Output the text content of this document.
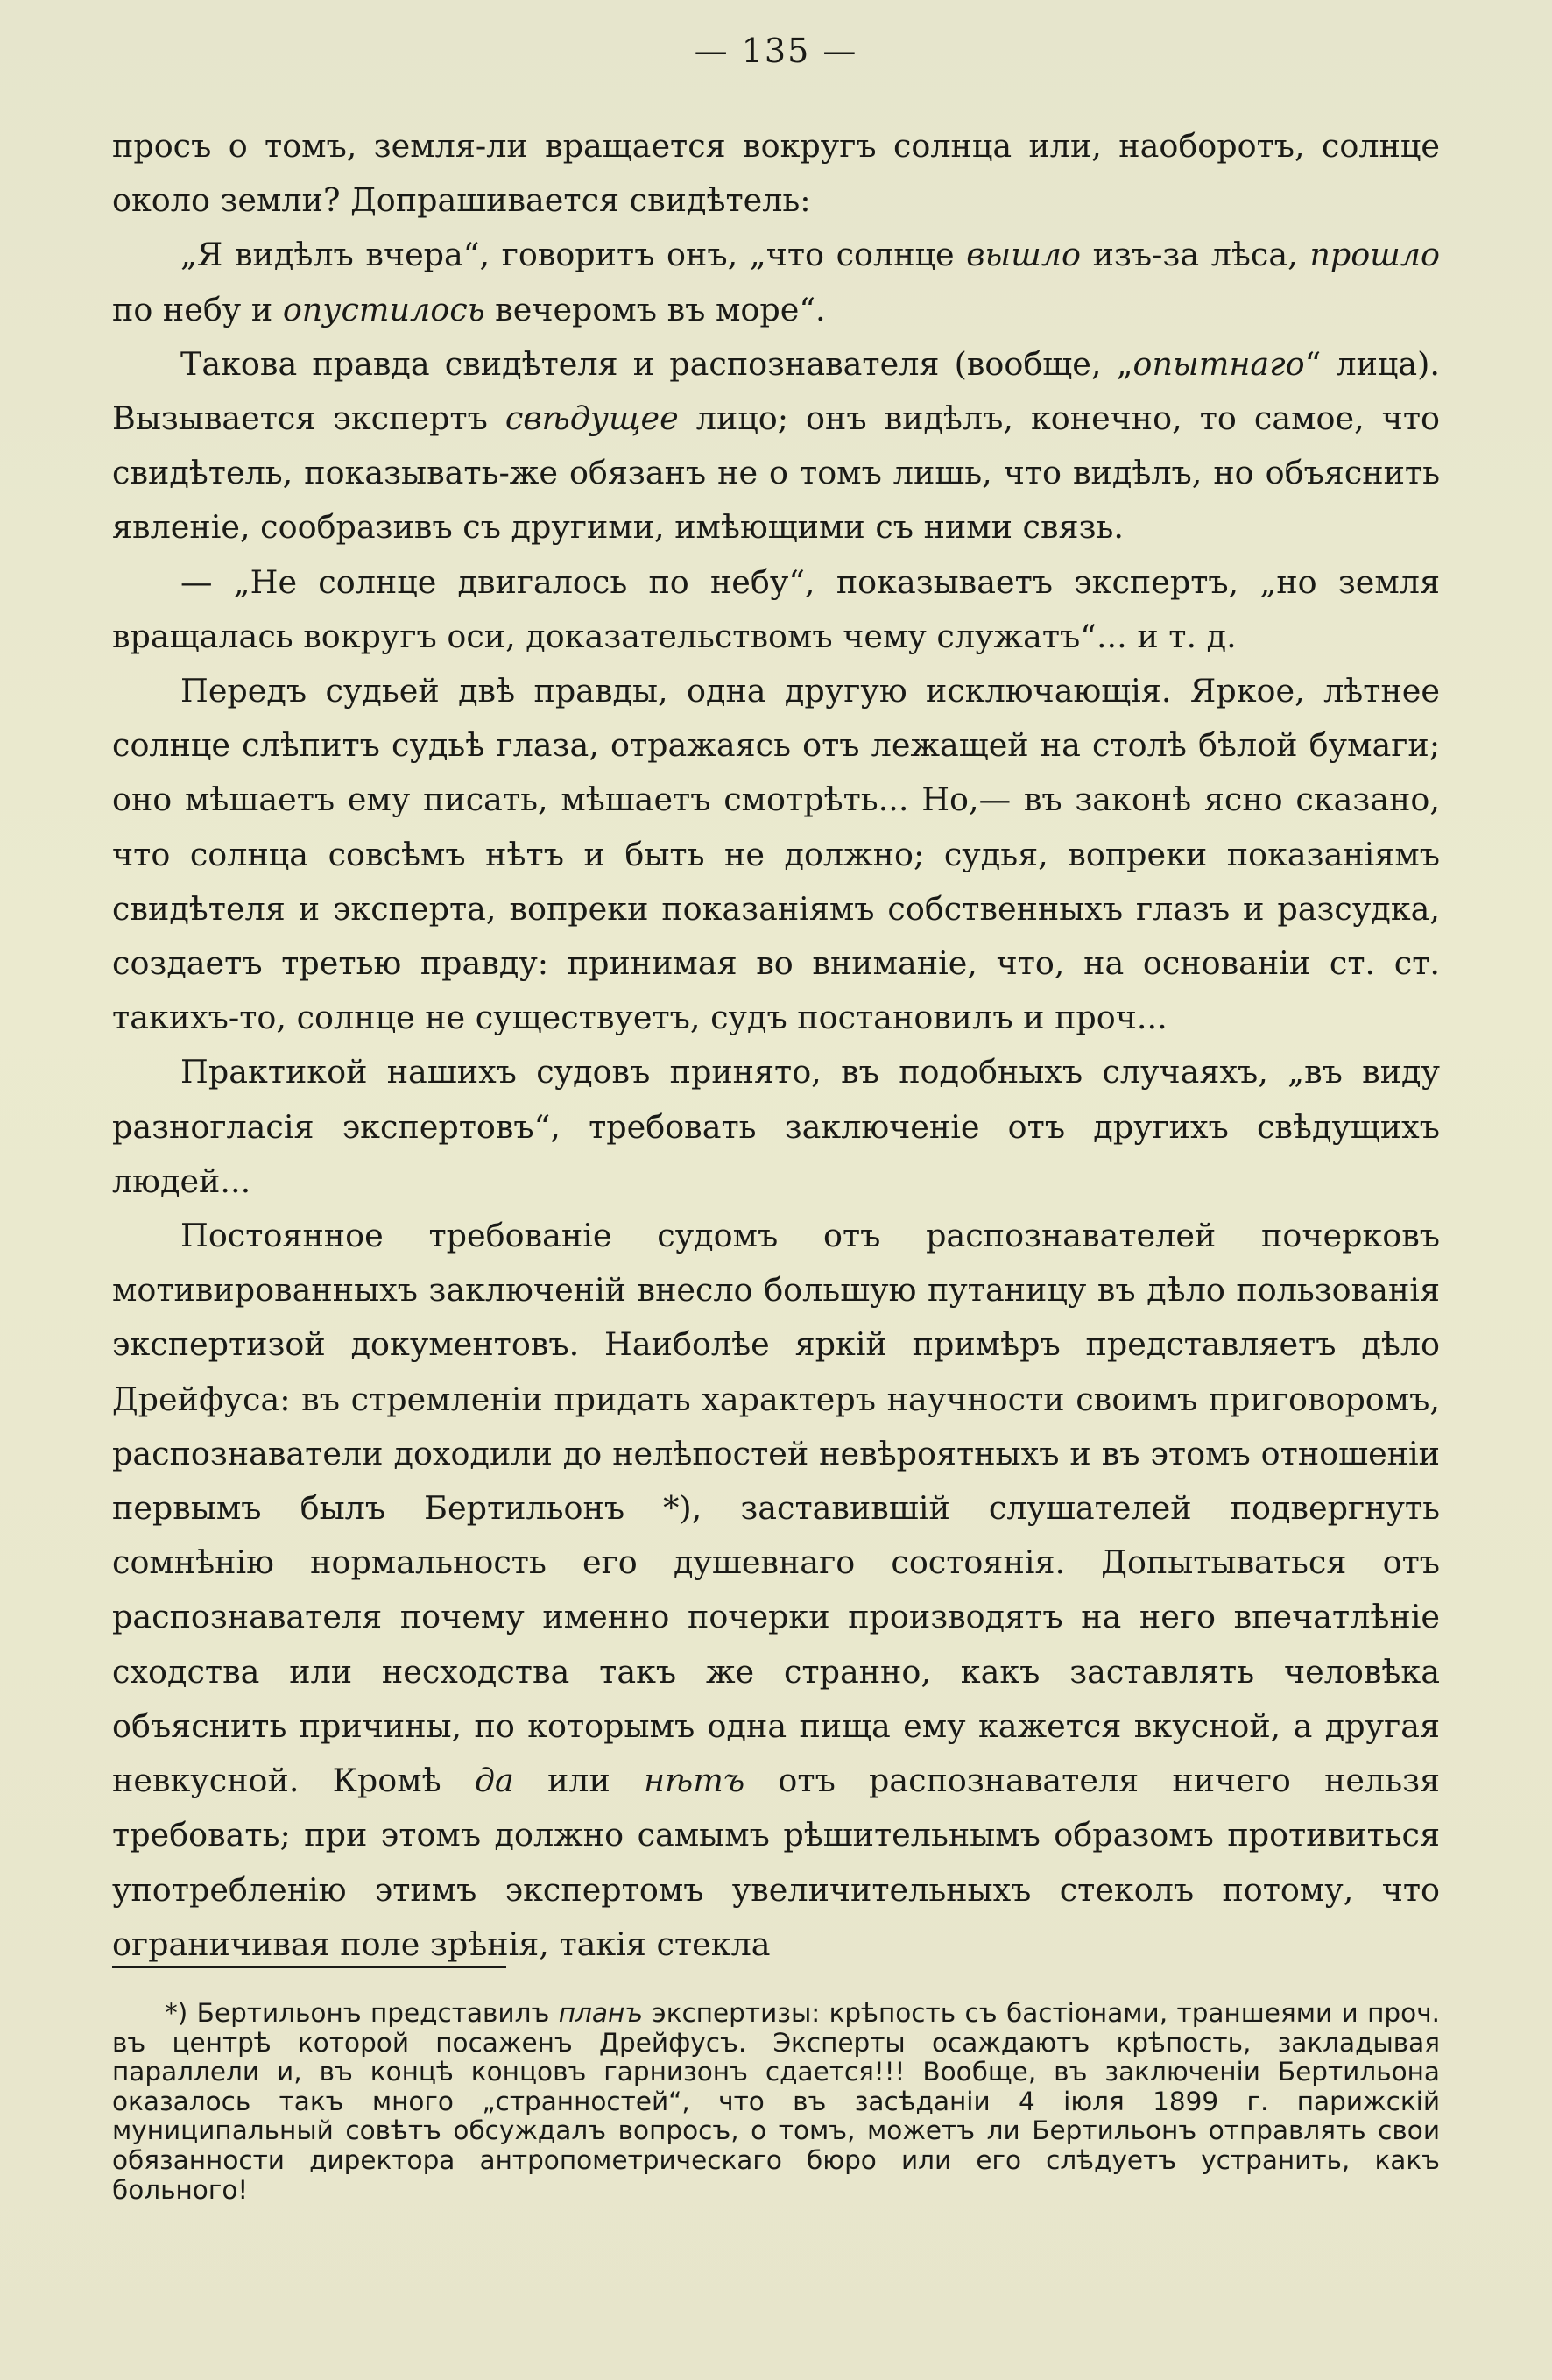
— 135 —

просъ о томъ, земля-ли вращается вокругъ солнца или, наоборотъ, солнце около земли? Допрашивается свидѣтель:

„Я видѣлъ вчера“, говоритъ онъ, „что солнце вышло изъ-за лѣса, прошло по небу и опустилось вечеромъ въ море“.

Такова правда свидѣтеля и распознавателя (вообще, „опытнаго“ лица). Вызывается экспертъ свѣдущее лицо; онъ видѣлъ, конечно, то самое, что свидѣтель, показывать-же обязанъ не о томъ лишь, что видѣлъ, но объяснить явленіе, сообразивъ съ другими, имѣющими съ ними связь.

— „Не солнце двигалось по небу“, показываетъ экспертъ, „но земля вращалась вокругъ оси, доказательствомъ чему служатъ“... и т. д.

Передъ судьей двѣ правды, одна другую исключающія. Яркое, лѣтнее солнце слѣпитъ судьѣ глаза, отражаясь отъ лежащей на столѣ бѣлой бумаги; оно мѣшаетъ ему писать, мѣшаетъ смотрѣть... Но,— въ законѣ ясно сказано, что солнца совсѣмъ нѣтъ и быть не должно; судья, вопреки показаніямъ свидѣтеля и эксперта, вопреки показаніямъ собственныхъ глазъ и разсудка, создаетъ третью правду: принимая во вниманіе, что, на основаніи ст. ст. такихъ-то, солнце не существуетъ, судъ постановилъ и проч...

Практикой нашихъ судовъ принято, въ подобныхъ случаяхъ, „въ виду разногласія экспертовъ“, требовать заключеніе отъ другихъ свѣдущихъ людей...

Постоянное требованіе судомъ отъ распознавателей почерковъ мотивированныхъ заключеній внесло большую путаницу въ дѣло пользованія экспертизой документовъ. Наиболѣе яркій примѣръ представляетъ дѣло Дрейфуса: въ стремленіи придать характеръ научности своимъ приговоромъ, распознаватели доходили до нелѣпостей невѣроятныхъ и въ этомъ отношеніи первымъ былъ Бертильонъ *), заставившій слушателей подвергнуть сомнѣнію нормальность его душевнаго состоянія. Допытываться отъ распознавателя почему именно почерки производятъ на него впечатлѣніе сходства или несходства такъ же странно, какъ заставлять человѣка объяснить причины, по которымъ одна пища ему кажется вкусной, а другая невкусной. Кромѣ да или нѣтъ отъ распознавателя ничего нельзя требовать; при этомъ должно самымъ рѣшительнымъ образомъ противиться употребленію этимъ экспертомъ увеличительныхъ стеколъ потому, что ограничивая поле зрѣнія, такія стекла

*) Бертильонъ представилъ планъ экспертизы: крѣпость съ бастіонами, траншеями и проч. въ центрѣ которой посаженъ Дрейфусъ. Эксперты осаждаютъ крѣпость, закладывая параллели и, въ концѣ концовъ гарнизонъ сдается!!! Вообще, въ заключеніи Бертильона оказалось такъ много „странностей“, что въ засѣданіи 4 іюля 1899 г. парижскій муниципальный совѣтъ обсуждалъ вопросъ, о томъ, можетъ ли Бертильонъ отправлять свои обязанности директора антропометрическаго бюро или его слѣдуетъ устранить, какъ больного!
